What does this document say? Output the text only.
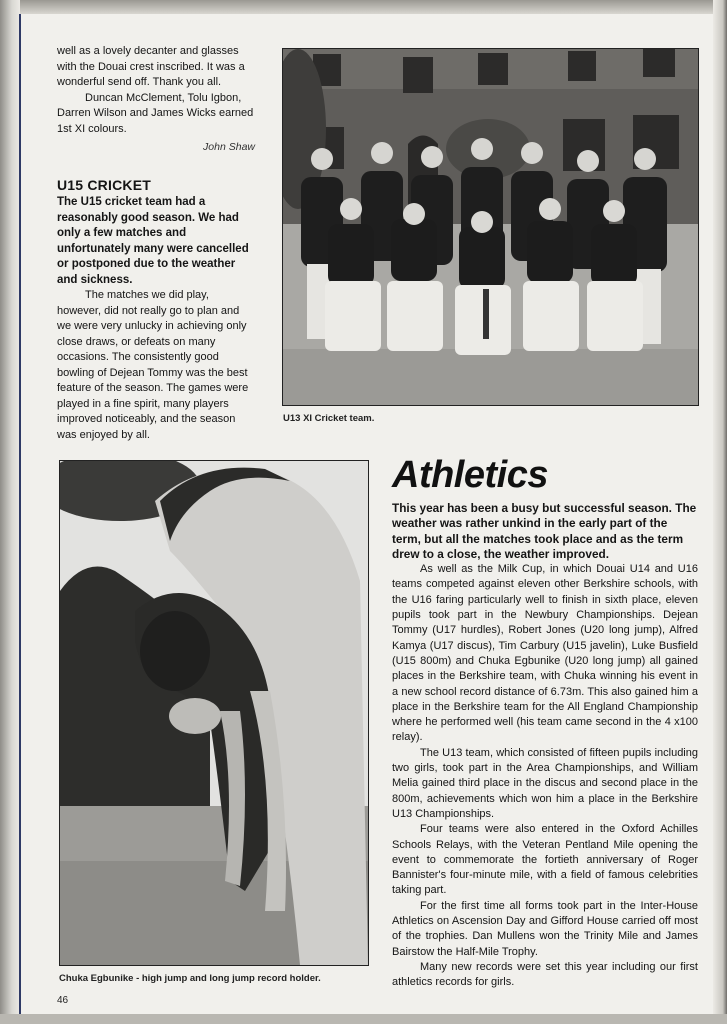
well as a lovely decanter and glasses with the Douai crest inscribed. It was a wonderful send off. Thank you all.

Duncan McClement, Tolu Igbon, Darren Wilson and James Wicks earned 1st XI colours.

John Shaw

U15 CRICKET

The U15 cricket team had a reasonably good season. We had only a few matches and unfortunately many were cancelled or postponed due to the weather and sickness.

The matches we did play, however, did not really go to plan and we were very unlucky in achieving only close draws, or defeats on many occasions. The consistently good bowling of Dejean Tommy was the best feature of the season. The games were played in a fine spirit, many players improved noticeably, and the season was enjoyed by all.

U13 XI Cricket team.
Chuka Egbunike - high jump and long jump record holder.
Athletics

This year has been a busy but successful season. The weather was rather unkind in the early part of the term, but all the matches took place and as the term drew to a close, the weather improved.

As well as the Milk Cup, in which Douai U14 and U16 teams competed against eleven other Berkshire schools, with the U16 faring particularly well to finish in sixth place, eleven pupils took part in the Newbury Championships. Dejean Tommy (U17 hurdles), Robert Jones (U20 long jump), Alfred Kamya (U17 discus), Tim Carbury (U15 javelin), Luke Busfield (U15 800m) and Chuka Egbunike (U20 long jump) all gained places in the Berkshire team, with Chuka winning his event in a new school record distance of 6.73m. This also gained him a place in the Berkshire team for the All England Championship where he performed well (his team came second in the 4 x100 relay).

The U13 team, which consisted of fifteen pupils including two girls, took part in the Area Championships, and William Melia gained third place in the discus and second place in the 800m, achievements which won him a place in the Berkshire U13 Championships.

Four teams were also entered in the Oxford Achilles Schools Relays, with the Veteran Pentland Mile opening the event to commemorate the fortieth anniversary of Roger Bannister's four-minute mile, with a field of famous celebrities taking part.

For the first time all forms took part in the Inter-House Athletics on Ascension Day and Gifford House carried off most of the trophies. Dan Mullens won the Trinity Mile and James Bairstow the Half-Mile Trophy.

Many new records were set this year including our first athletics records for girls.

46
